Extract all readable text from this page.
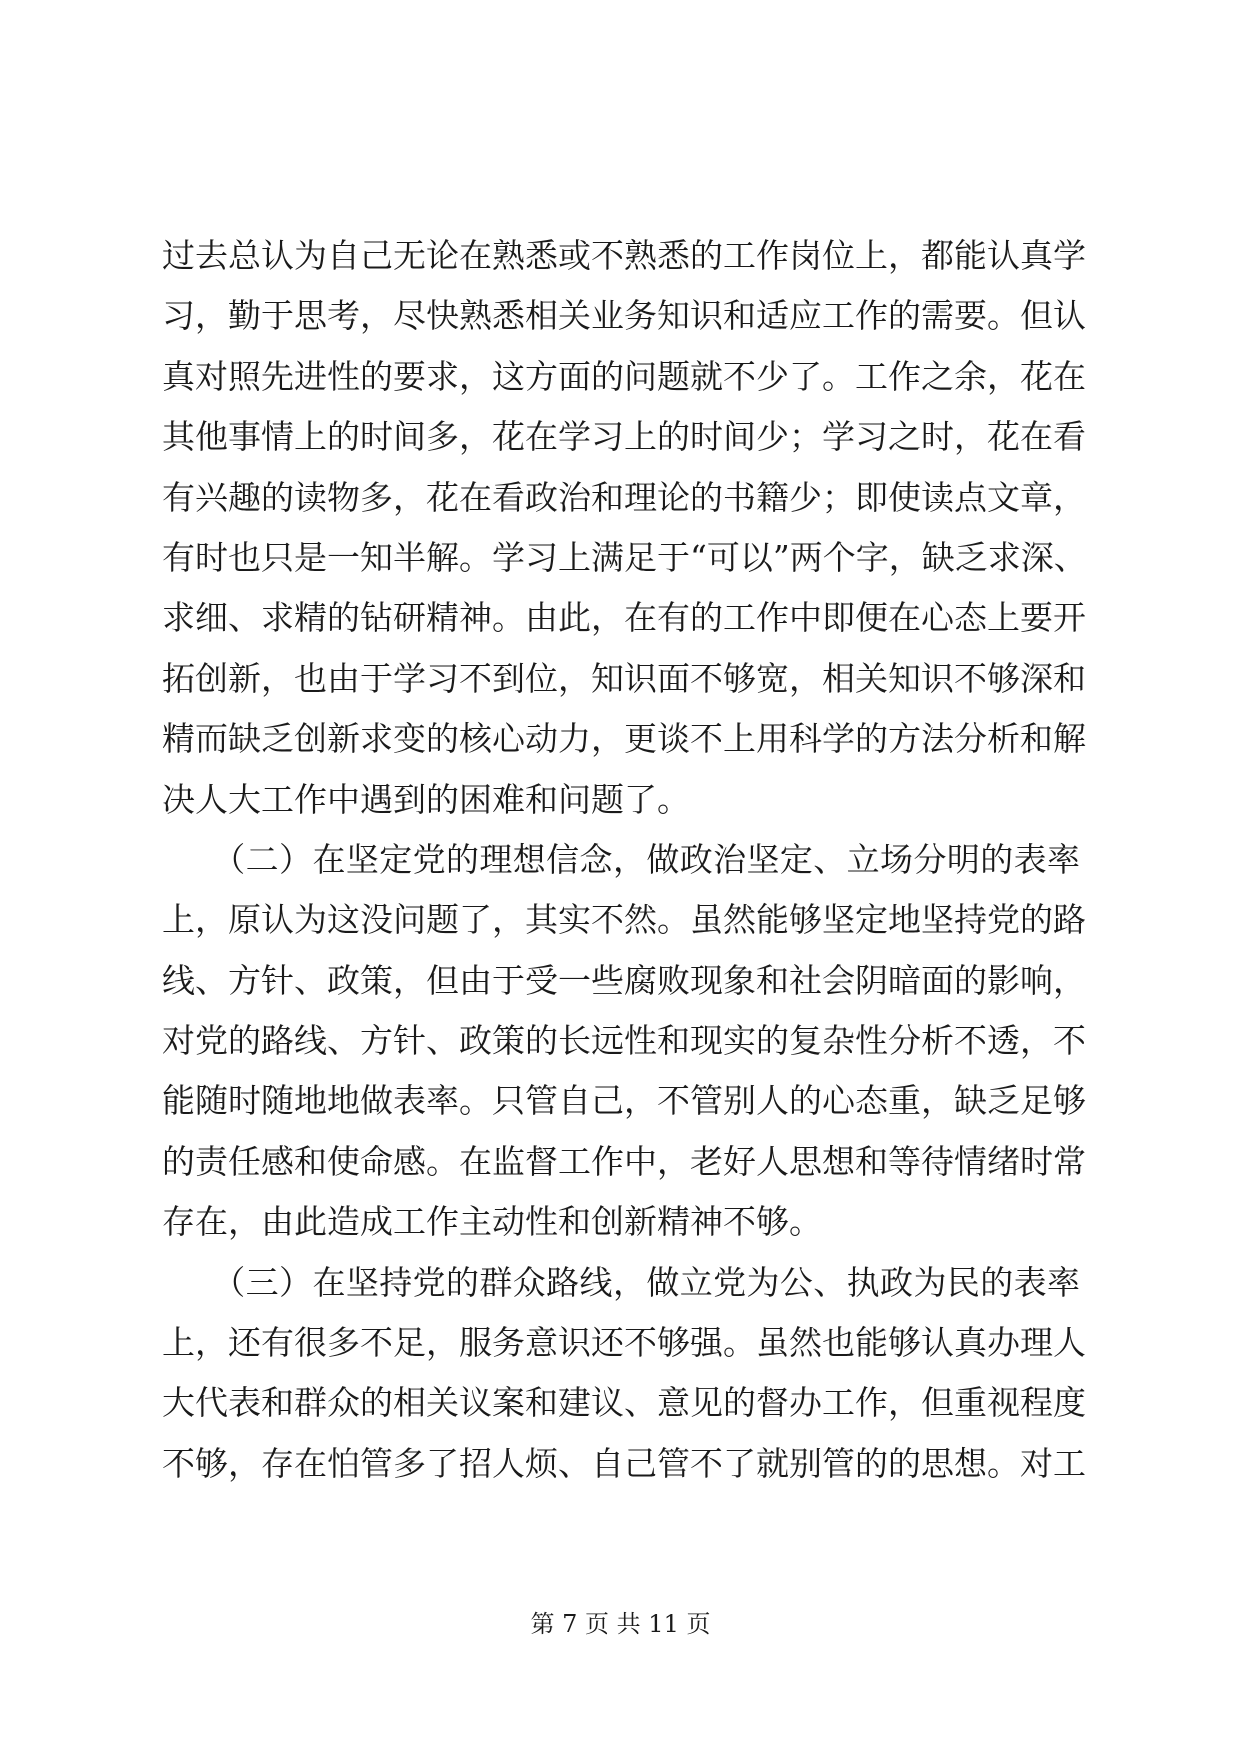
过去总认为自己无论在熟悉或不熟悉的工作岗位上，都能认真学
习，勤于思考，尽快熟悉相关业务知识和适应工作的需要。但认
真对照先进性的要求，这方面的问题就不少了。工作之余，花在
其他事情上的时间多，花在学习上的时间少；学习之时，花在看
有兴趣的读物多，花在看政治和理论的书籍少；即使读点文章，
有时也只是一知半解。学习上满足于“可以”两个字，缺乏求深、
求细、求精的钻研精神。由此，在有的工作中即便在心态上要开
拓创新，也由于学习不到位，知识面不够宽，相关知识不够深和
精而缺乏创新求变的核心动力，更谈不上用科学的方法分析和解
决人大工作中遇到的困难和问题了。
　　（二）在坚定党的理想信念，做政治坚定、立场分明的表率
上，原认为这没问题了，其实不然。虽然能够坚定地坚持党的路
线、方针、政策，但由于受一些腐败现象和社会阴暗面的影响，
对党的路线、方针、政策的长远性和现实的复杂性分析不透，不
能随时随地地做表率。只管自己，不管别人的心态重，缺乏足够
的责任感和使命感。在监督工作中，老好人思想和等待情绪时常
存在，由此造成工作主动性和创新精神不够。
　　（三）在坚持党的群众路线，做立党为公、执政为民的表率
上，还有很多不足，服务意识还不够强。虽然也能够认真办理人
大代表和群众的相关议案和建议、意见的督办工作，但重视程度
不够，存在怕管多了招人烦、自己管不了就别管的的思想。对工
第 7 页 共 11 页
